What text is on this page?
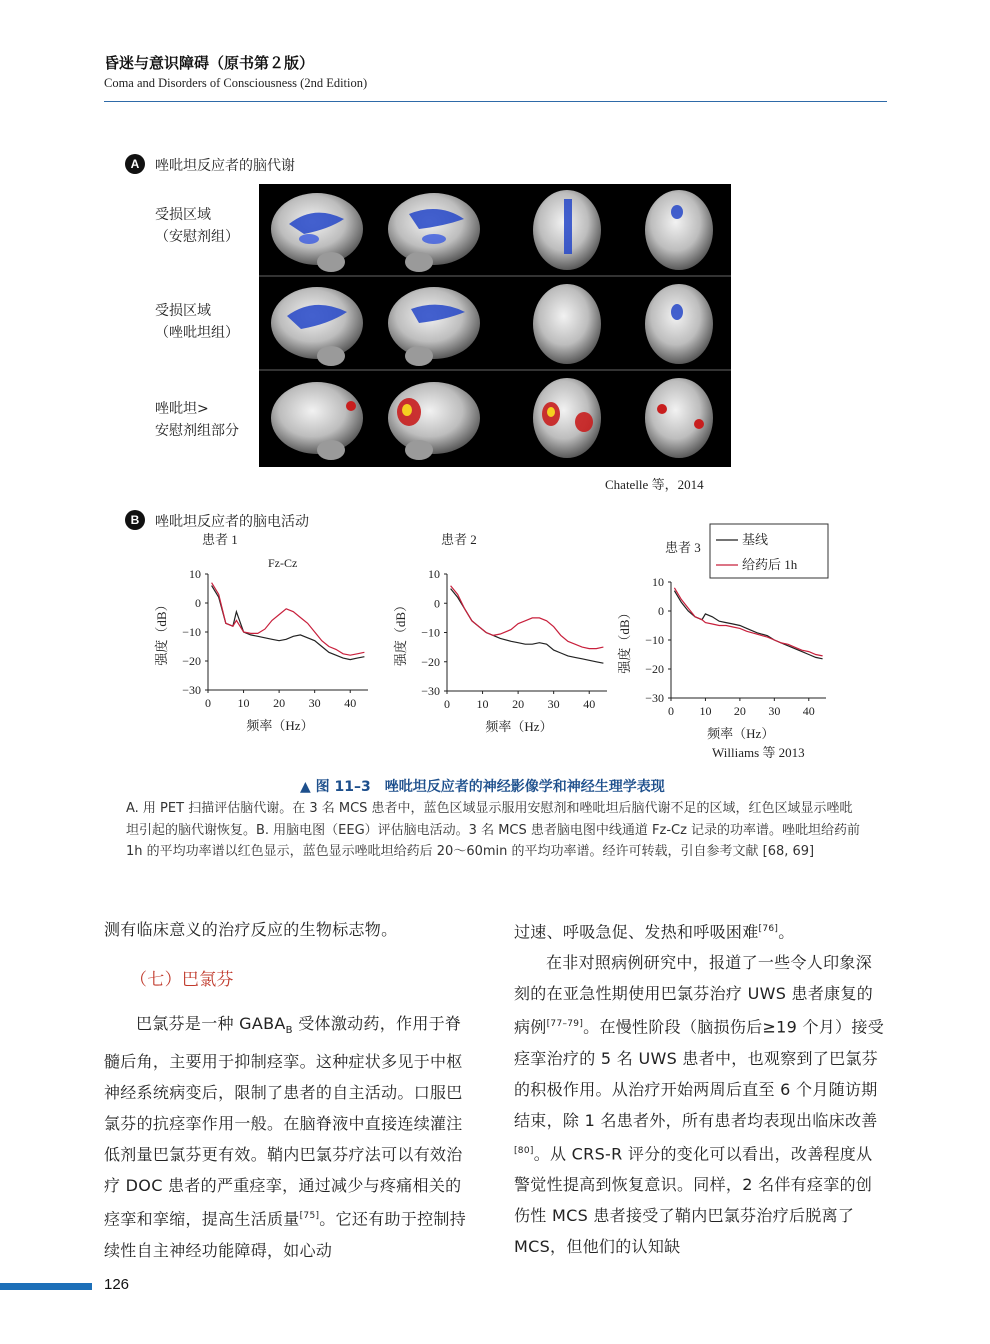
昏迷与意识障碍（原书第２版）
Coma and Disorders of Consciousness (2nd Edition)
A	唑吡坦反应者的脑代谢
受损区域
（安慰剂组）
受损区域
（唑吡坦组）
唑吡坦>
安慰剂组部分
Chatelle 等，2014
B	唑吡坦反应者的脑电活动
10
0
−10
−20
−30
0 10 20 30 40
患者 1
频率（Hz）
强度（dB）
10
0
−10
−20
−30
0 10 20 30 40
患者 2
频率（Hz）
强度（dB）
10
0
−10
−20
−30
0 10 20 30 40
患者 3
频率（Hz）
强度（dB）
基线
给药后 1h
Fz-Cz
Williams 等 2013
▲ 图 11–3　唑吡坦反应者的神经影像学和神经生理学表现
A. 用 PET 扫描评估脑代谢。在 3 名 MCS 患者中，蓝色区域显示服用安慰剂和唑吡坦后脑代谢不足的区域，红色区域显示唑吡坦引起的脑代谢恢复。B. 用脑电图（EEG）评估脑电活动。3 名 MCS 患者脑电图中线通道 Fz-Cz 记录的功率谱。唑吡坦给药前 1h 的平均功率谱以红色显示，蓝色显示唑吡坦给药后 20～60min 的平均功率谱。经许可转载，引自参考文献 [68, 69]

测有临床意义的治疗反应的生物标志物。

（七）巴氯芬

巴氯芬是一种 $GABA_B$ 受体激动药，作用于脊髓后角，主要用于抑制痉挛。这种症状多见于中枢神经系统病变后，限制了患者的自主活动。口服巴氯芬的抗痉挛作用一般。在脑脊液中直接连续灌注低剂量巴氯芬更有效。鞘内巴氯芬疗法可以有效治疗 DOC 患者的严重痉挛，通过减少与疼痛相关的痉挛和挛缩，提高生活质量[75]。它还有助于控制持续性自主神经功能障碍，如心动

过速、呼吸急促、发热和呼吸困难[76]。

在非对照病例研究中，报道了一些令人印象深刻的在亚急性期使用巴氯芬治疗 UWS 患者康复的病例[77–79]。在慢性阶段（脑损伤后≥19 个月）接受痉挛治疗的 5 名 UWS 患者中，也观察到了巴氯芬的积极作用。从治疗开始两周后直至 6 个月随访期结束，除 1 名患者外，所有患者均表现出临床改善[80]。从 CRS-R 评分的变化可以看出，改善程度从警觉性提高到恢复意识。同样，2 名伴有痉挛的创伤性 MCS 患者接受了鞘内巴氯芬治疗后脱离了 MCS，但他们的认知缺

126
